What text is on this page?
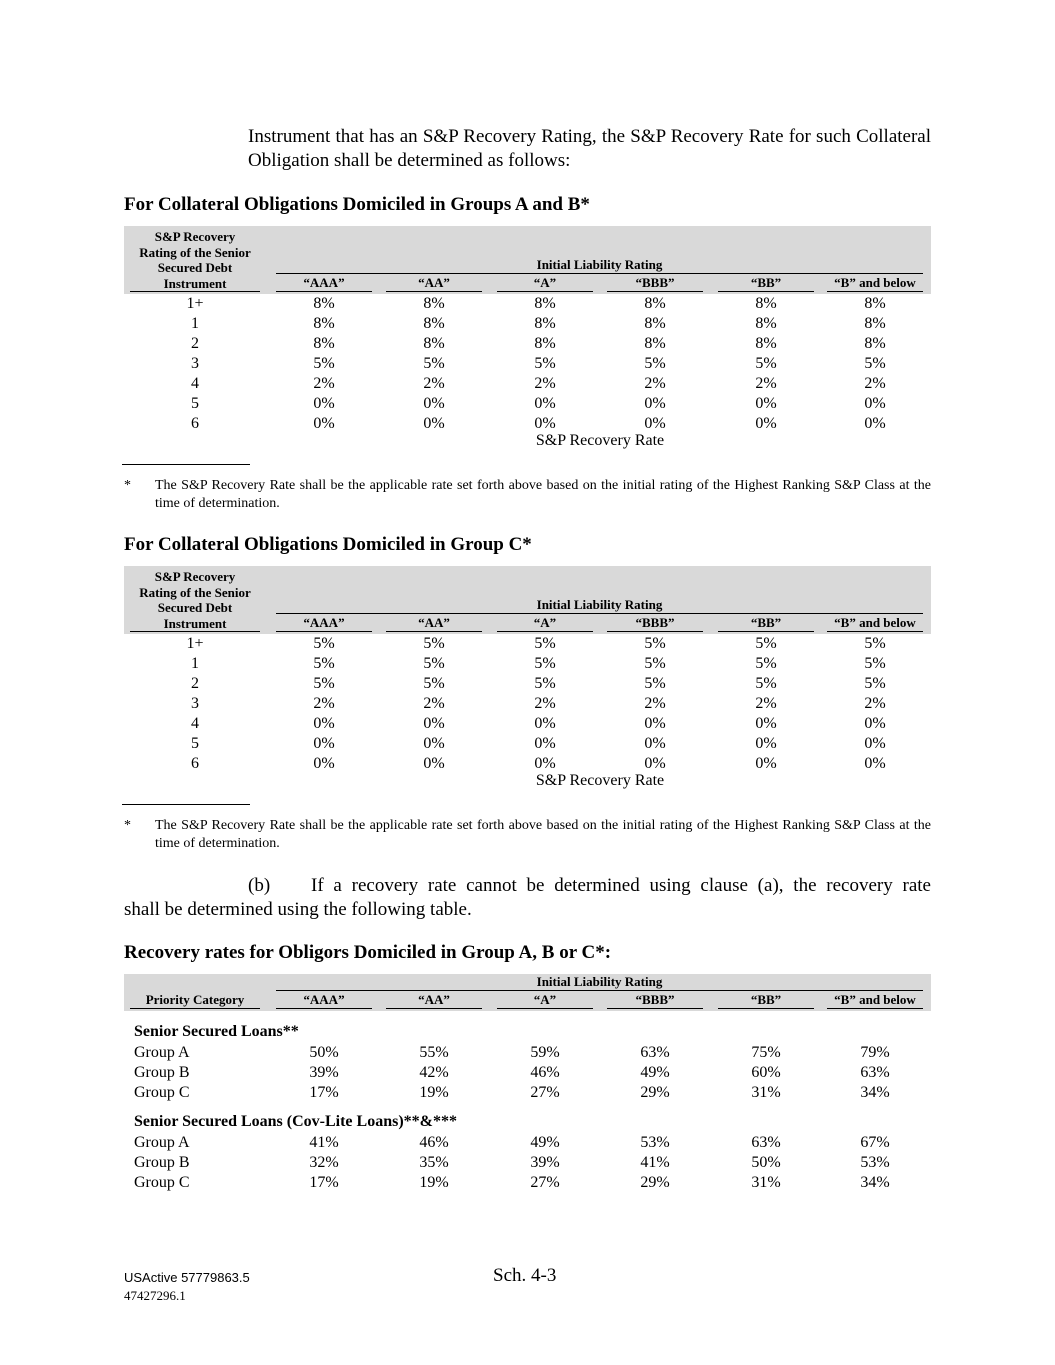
Instrument that has an S&P Recovery Rating, the S&P Recovery Rate for such Collateral Obligation shall be determined as follows:
For Collateral Obligations Domiciled in Groups A and B*
S&P Recovery
Rating of the Senior
Secured Debt
Instrument
Initial Liability Rating
“AAA”	“AA”	“A”	“BBB”	“BB”	“B” and below
1+	8%	8%	8%	8%	8%	8%
1	8%	8%	8%	8%	8%	8%
2	8%	8%	8%	8%	8%	8%
3	5%	5%	5%	5%	5%	5%
4	2%	2%	2%	2%	2%	2%
5	0%	0%	0%	0%	0%	0%
6	0%	0%	0%	0%	0%	0%
S&P Recovery Rate
* The S&P Recovery Rate shall be the applicable rate set forth above based on the initial rating of the Highest Ranking S&P Class at the time of determination.
For Collateral Obligations Domiciled in Group C*
S&P Recovery
Rating of the Senior
Secured Debt
Instrument
Initial Liability Rating
“AAA”	“AA”	“A”	“BBB”	“BB”	“B” and below
1+	5%	5%	5%	5%	5%	5%
1	5%	5%	5%	5%	5%	5%
2	5%	5%	5%	5%	5%	5%
3	2%	2%	2%	2%	2%	2%
4	0%	0%	0%	0%	0%	0%
5	0%	0%	0%	0%	0%	0%
6	0%	0%	0%	0%	0%	0%
S&P Recovery Rate
* The S&P Recovery Rate shall be the applicable rate set forth above based on the initial rating of the Highest Ranking S&P Class at the time of determination.
(b) If a recovery rate cannot be determined using clause (a), the recovery rate
shall be determined using the following table.
Recovery rates for Obligors Domiciled in Group A, B or C*:
Priority Category
Initial Liability Rating
“AAA”	“AA”	“A”	“BBB”	“BB”	“B” and below
Senior Secured Loans**
Group A	50%	55%	59%	63%	75%	79%
Group B	39%	42%	46%	49%	60%	63%
Group C	17%	19%	27%	29%	31%	34%
Senior Secured Loans (Cov-Lite Loans)**&***
Group A	41%	46%	49%	53%	63%	67%
Group B	32%	35%	39%	41%	50%	53%
Group C	17%	19%	27%	29%	31%	34%
USActive 57779863.5
47427296.1
Sch. 4-3
